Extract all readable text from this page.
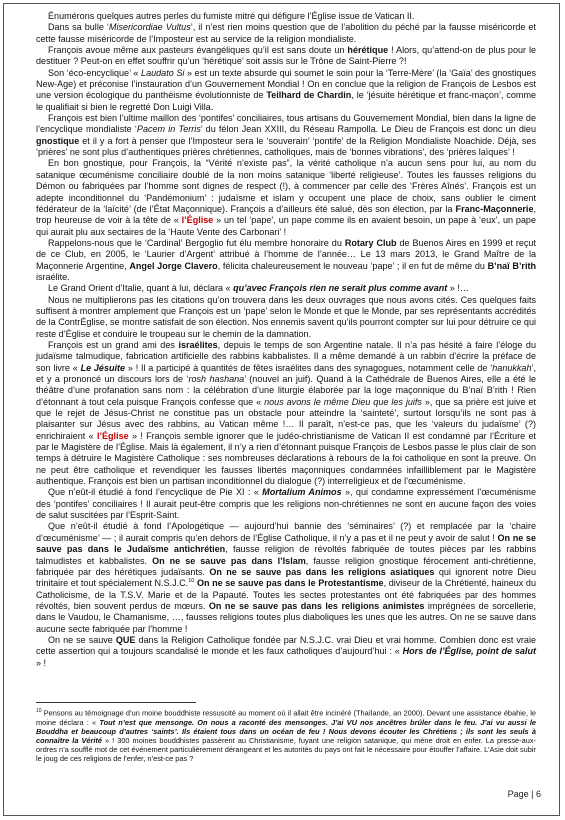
Énumérons quelques autres perles du fumiste mitré qui défigure l’Église issue de Vatican II.

Dans sa bulle ‘Misericordiae Vultus’, il n’est rien moins question que de l’abolition du péché par la fausse miséricorde et cette fausse miséricorde de l’Imposteur est au service de la religion mondialiste.

François avoue même aux pasteurs évangéliques qu’il est sans doute un hérétique ! Alors, qu’attend-on de plus pour le destituer ? Peut-on en effet souffrir qu’un ‘hérétique’ soit assis sur le Trône de Saint-Pierre ?!

Son ‘éco-encyclique’ « Laudato Si » est un texte absurde qui soumet le soin pour la ‘Terre-Mère’ (la ‘Gaïa’ des gnostiques New-Age) et préconise l’instauration d’un Gouvernement Mondial ! On en conclue que la religion de François de Lesbos est une version écologique du panthéisme évolutionniste de Teilhard de Chardin, le ‘jésuite hérétique et franc-maçon’, comme le qualifiait si bien le regretté Don Luigi Villa.

François est bien l’ultime maillon des ‘pontifes’ conciliaires, tous artisans du Gouvernement Mondial, bien dans la ligne de l’encyclique mondialiste ‘Pacem in Terris’ du félon Jean XXIII, du Réseau Rampolla. Le Dieu de François est donc un dieu gnostique et il y a fort à penser que l’Imposteur sera le ‘souverain’ ‘pontife’ de la Religion Mondialiste Noachide. Déjà, ses ‘prières’ ne sont plus d’authentiques prières chrétiennes, catholiques, mais de ‘bonnes vibrations’, des ‘prières laïques’ !

En bon gnostique, pour François, la “Vérité n’existe pas”, la vérité catholique n’a aucun sens pour lui, au nom du satanique œcuménisme conciliaire doublé de la non moins satanique ‘liberté religieuse’. Toutes les fausses religions du Démon ou fabriquées par l’homme sont dignes de respect (!), à commencer par celle des ‘Frères Aînés’. François est un adepte inconditionnel du ‘Pandémonium’ : judaïsme et islam y occupent une place de choix, sans oublier le ciment fédérateur de la ‘laïcité’ (de l’État Maçonnique). François a d’ailleurs été salué, dès son élection, par la Franc-Maçonnerie, trop heureuse de voir à la tête de « l’Église » un tel ‘pape’, un pape comme ils en avaient besoin, un pape à ‘eux’, un pape qui aurait plu aux sectaires de la ‘Haute Vente des Carbonari’ !

Rappelons-nous que le ‘Cardinal’ Bergoglio fut élu membre honoraire du Rotary Club de Buenos Aires en 1999 et reçut de ce Club, en 2005, le ‘Laurier d’Argent’ attribué à l’homme de l’année… Le 13 mars 2013, le Grand Maître de la Maçonnerie Argentine, Angel Jorge Clavero, félicita chaleureusement le nouveau ‘pape’ ; il en fut de même du B’naï B’rith israélite.

Le Grand Orient d’Italie, quant à lui, déclara « qu’avec François rien ne serait plus comme avant » !…

Nous ne multiplierons pas les citations qu’on trouvera dans les deux ouvrages que nous avons cités. Ces quelques faits suffisent à montrer amplement que François est un ‘pape’ selon le Monde et que le Monde, par ses représentants accrédités de la ContrÉglise, se montre satisfait de son élection. Nos ennemis savent qu’ils pourront compter sur lui pour détruire ce qui reste d’Église et conduire le troupeau sur le chemin de la damnation.

François est un grand ami des israélites, depuis le temps de son Argentine natale. Il n’a pas hésité à faire l’éloge du judaïsme talmudique, fabrication artificielle des rabbins kabbalistes. Il a même demandé à un rabbin d’écrire la préface de son livre « Le Jésuite » ! Il a participé à quantités de fêtes israélites dans des synagogues, notamment celle de ‘hanukkah’, et y a prononcé un discours lors de ‘rosh hashana’ (nouvel an juif). Quand à la Cathédrale de Buenos Aires, elle a été le théâtre d’une profanation sans nom : la célébration d’une liturgie élaborée par la loge maçonnique du B’naï B’rith ! Rien d’étonnant à tout cela puisque François confesse que « nous avons le même Dieu que les juifs », que sa prière est juive et que le rejet de Jésus-Christ ne constitue pas un obstacle pour atteindre la ‘sainteté’, surtout lorsqu’ils ne sont pas à plaisanter sur Jésus avec des rabbins, au Vatican même !… Il paraît, n’est-ce pas, que les ‘valeurs du judaïsme’ (?) enrichiraient « l’Église » ! François semble ignorer que le judéo-christianisme de Vatican II est condamné par l’Écriture et par le Magistère de l’Église. Mais là également, il n’y a rien d’étonnant puisque François de Lesbos passe le plus clair de son temps à détruire le Magistère Catholique : ses nombreuses déclarations à rebours de la foi catholique en sont la preuve. On ne peut être catholique et revendiquer les fausses libertés maçonniques condamnées infailliblement par le Magistère authentique. François est bien un partisan inconditionnel du dialogue (?) interreligieux et de l’œcuménisme.

Que n’eût-il étudié à fond l’encyclique de Pie XI : « Mortalium Animos », qui condamne expressément l’œcuménisme des ‘pontifes’ conciliaires ! Il aurait peut-être compris que les religions non-chrétiennes ne sont en aucune façon des voies de salut suscitées par l’Esprit-Saint.

Que n’eût-il étudié à fond l’Apologétique — aujourd’hui bannie des ‘séminaires’ (?) et remplacée par la ‘chaire d’œcuménisme’ — ; il aurait compris qu’en dehors de l’Église Catholique, il n’y a pas et il ne peut y avoir de salut ! On ne se sauve pas dans le Judaïsme antichrétien, fausse religion de révoltés fabriquée de toutes pièces par les rabbins talmudistes et kabbalistes. On ne se sauve pas dans l’Islam, fausse religion gnostique férocement anti-chrétienne, fabriquée par des hérétiques judaïsants. On ne se sauve pas dans les religions asiatiques qui ignorent notre Dieu trinitaire et tout spécialement N.S.J.C.$^{10}$ On ne se sauve pas dans le Protestantisme, diviseur de la Chrétienté, haineux du Catholicisme, de la T.S.V. Marie et de la Papauté. Toutes les sectes protestantes ont été fabriquées par des hommes révoltés, bien souvent perdus de mœurs. On ne se sauve pas dans les religions animistes imprégnées de sorcellerie, dans le Vaudou, le Chamanisme, …, fausses religions toutes plus diaboliques les unes que les autres. On ne se sauve dans aucune secte fabriquée par l’homme !

On ne se sauve QUE dans la Religion Catholique fondée par N.S.J.C. vrai Dieu et vrai homme. Combien donc est vraie cette assertion qui a toujours scandalisé le monde et les faux catholiques d’aujourd’hui : « Hors de l’Église, point de salut » !

$^{10}$ Pensons au témoignage d’un moine bouddhiste ressuscité au moment où il allait être incinéré (Thaïlande, an 2000). Devant une assistance ébahie, le moine déclara : « Tout n’est que mensonge. On nous a raconté des mensonges. J’ai VU nos ancêtres brûler dans le feu. J’ai vu aussi le Bouddha et beaucoup d’autres ‘saints’. Ils étaient tous dans un océan de feu ! Nous devons écouter les Chrétiens ; ils sont les seuls à connaître la Vérité » ! 300 moines bouddhistes passèrent au Christianisme, fuyant une religion satanique, qui mène droit en enfer. La presse-aux-ordres n’a soufflé mot de cet événement particulièrement dérangeant et les autorités du pays ont fait le nécessaire pour étouffer l’affaire. L’Asie doit subir le joug de ces religions de l’enfer, n’est-ce pas ?
Page | 6
